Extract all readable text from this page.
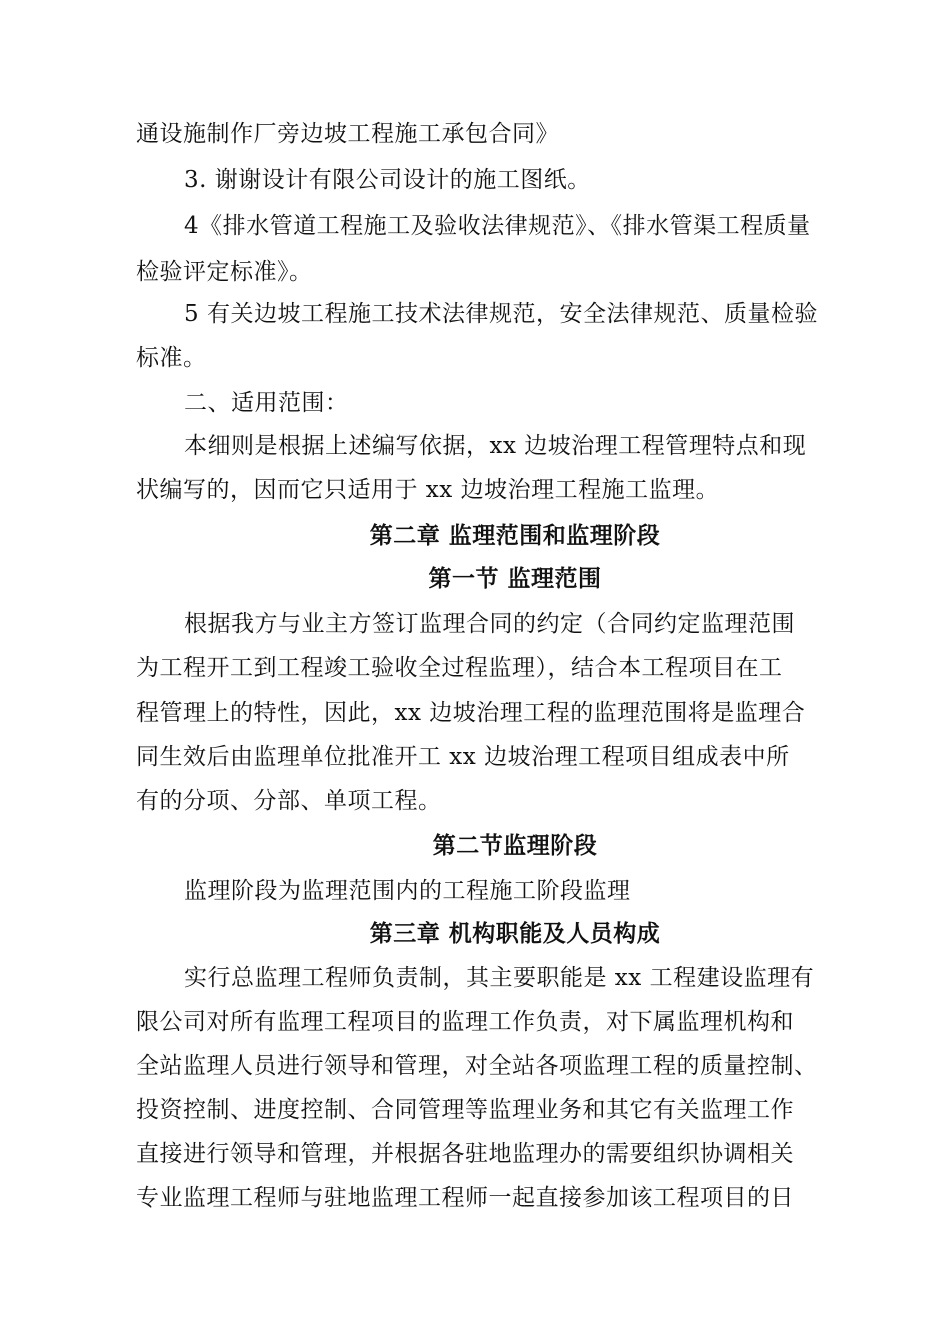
通设施制作厂旁边坡工程施工承包合同》
3. 谢谢设计有限公司设计的施工图纸。
4《排水管道工程施工及验收法律规范》、《排水管渠工程质量
检验评定标准》。
5 有关边坡工程施工技术法律规范，安全法律规范、质量检验
标准。
二、适用范围：
本细则是根据上述编写依据，xx 边坡治理工程管理特点和现
状编写的，因而它只适用于 xx 边坡治理工程施工监理。
第二章 监理范围和监理阶段
第一节 监理范围
根据我方与业主方签订监理合同的约定（合同约定监理范围
为工程开工到工程竣工验收全过程监理），结合本工程项目在工
程管理上的特性，因此，xx 边坡治理工程的监理范围将是监理合
同生效后由监理单位批准开工 xx 边坡治理工程项目组成表中所
有的分项、分部、单项工程。
第二节监理阶段
监理阶段为监理范围内的工程施工阶段监理
第三章 机构职能及人员构成
实行总监理工程师负责制，其主要职能是 xx 工程建设监理有
限公司对所有监理工程项目的监理工作负责，对下属监理机构和
全站监理人员进行领导和管理，对全站各项监理工程的质量控制、
投资控制、进度控制、合同管理等监理业务和其它有关监理工作
直接进行领导和管理，并根据各驻地监理办的需要组织协调相关
专业监理工程师与驻地监理工程师一起直接参加该工程项目的日
